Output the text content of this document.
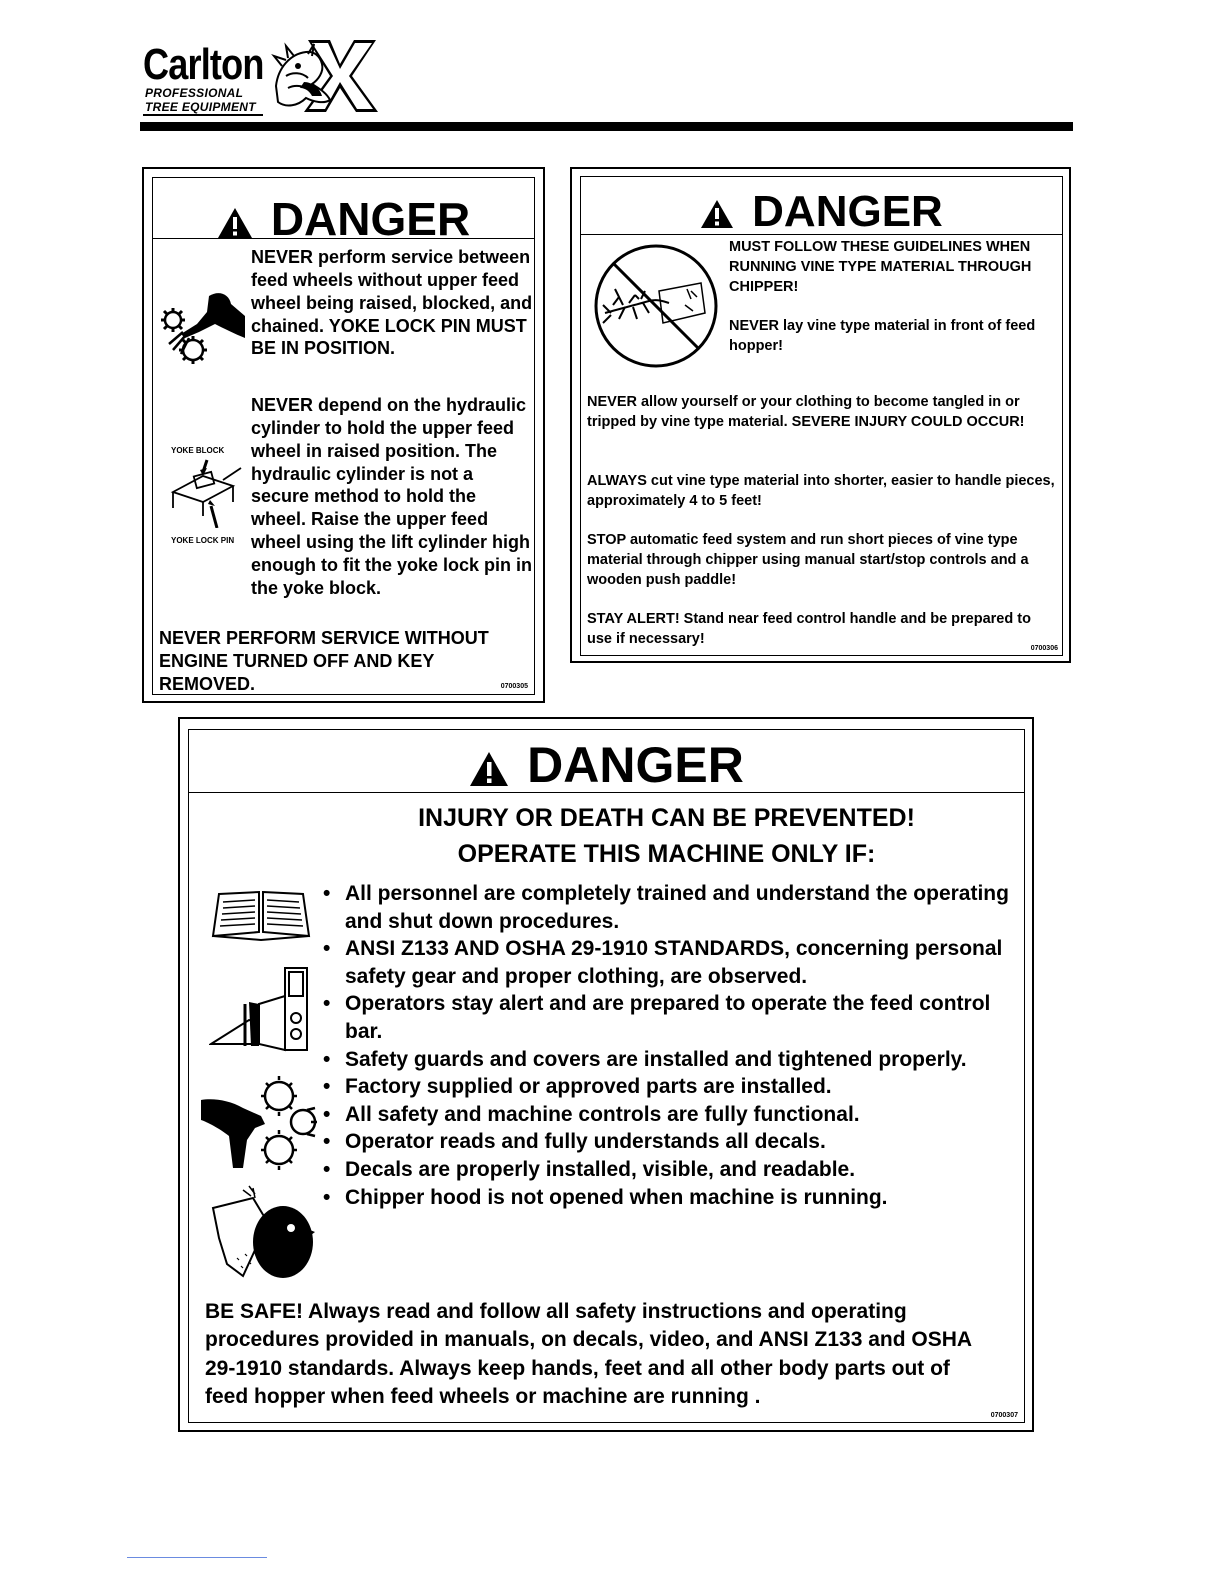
Carlton
PROFESSIONAL
TREE EQUIPMENT
DANGER
NEVER perform service between feed wheels without upper feed wheel being raised, blocked, and chained. YOKE LOCK PIN MUST BE IN POSITION.
YOKE BLOCK
YOKE LOCK PIN
NEVER depend on the hydraulic cylinder to hold the upper feed wheel in raised position. The hydraulic cylinder is not a secure method to hold the wheel. Raise the upper feed wheel using the lift cylinder high enough to fit the yoke lock pin in the yoke block.
NEVER PERFORM SERVICE WITHOUT ENGINE TURNED OFF AND KEY REMOVED.	0700305
DANGER
MUST FOLLOW THESE GUIDELINES WHEN RUNNING VINE TYPE MATERIAL THROUGH CHIPPER!
NEVER lay vine type material in front of feed hopper!
NEVER allow yourself or your clothing to become tangled in or tripped by vine type material. SEVERE INJURY COULD OCCUR!
ALWAYS cut vine type material into shorter, easier to handle pieces, approximately 4 to 5 feet!
STOP automatic feed system and run short pieces of vine type material through chipper using manual start/stop controls and a wooden push paddle!
STAY ALERT! Stand near feed control handle and be prepared to use if necessary!
0700306
DANGER
INJURY OR DEATH CAN BE PREVENTED!
OPERATE THIS MACHINE ONLY IF:
• All personnel are completely trained and understand the operating and shut down procedures.
• ANSI Z133 AND OSHA 29-1910 STANDARDS, concerning personal safety gear and proper clothing, are observed.
• Operators stay alert and are prepared to operate the feed control bar.
• Safety guards and covers are installed and tightened properly.
• Factory supplied or approved parts are installed.
• All safety and machine controls are fully functional.
• Operator reads and fully understands all decals.
• Decals are properly installed, visible, and readable.
• Chipper hood is not opened when machine is running.
BE SAFE! Always read and follow all safety instructions and operating procedures provided in manuals, on decals, video, and ANSI Z133 and OSHA 29-1910 standards. Always keep hands, feet and all other body parts out of feed hopper when feed wheels or machine are running .
0700307
